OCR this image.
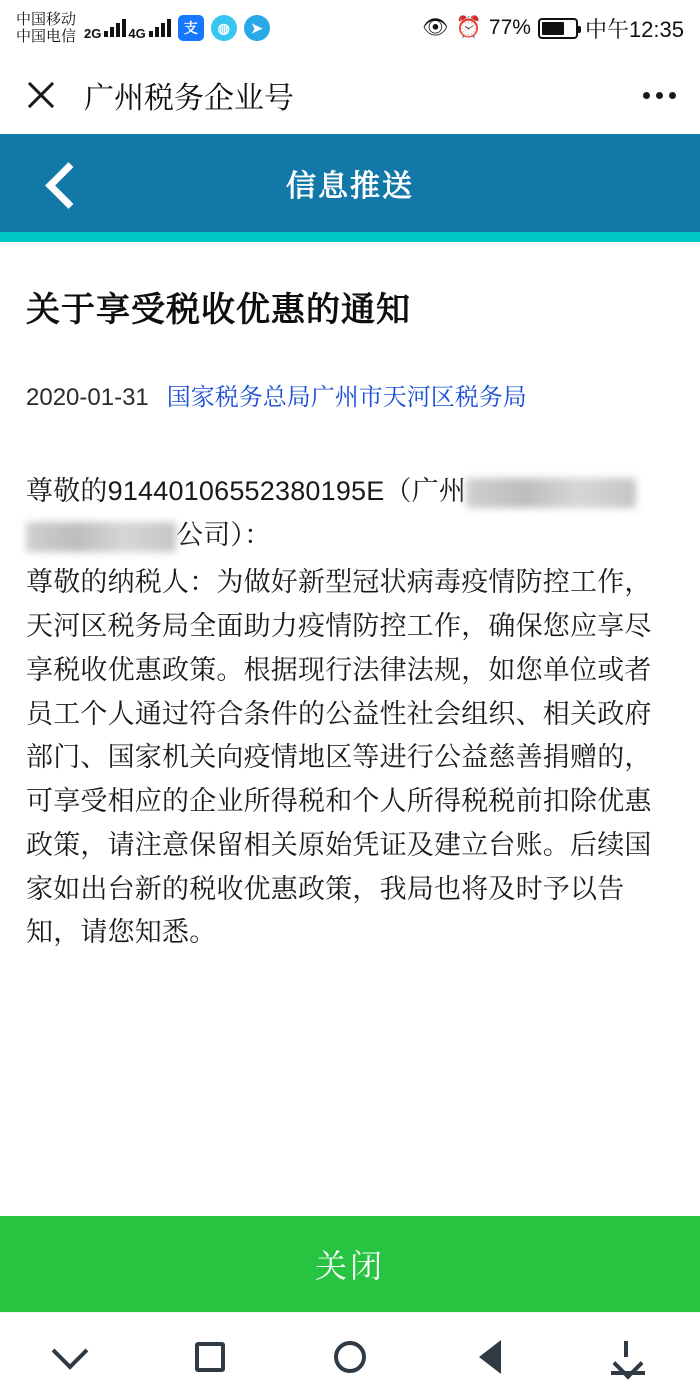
中国移动
中国电信 2G 4G	支	◍	➤	👁 ⏰ 77% 中午12:35
广州税务企业号
信息推送
关于享受税收优惠的通知
2020-01-31 国家税务总局广州市天河区税务局
尊敬的91440106552380195E（广州  公司）：
尊敬的纳税人：为做好新型冠状病毒疫情防控工作，天河区税务局全面助力疫情防控工作，确保您应享尽享税收优惠政策。根据现行法律法规，如您单位或者员工个人通过符合条件的公益性社会组织、相关政府部门、国家机关向疫情地区等进行公益慈善捐赠的，可享受相应的企业所得税和个人所得税税前扣除优惠政策，请注意保留相关原始凭证及建立台账。后续国家如出台新的税收优惠政策，我局也将及时予以告知，请您知悉。
关闭
